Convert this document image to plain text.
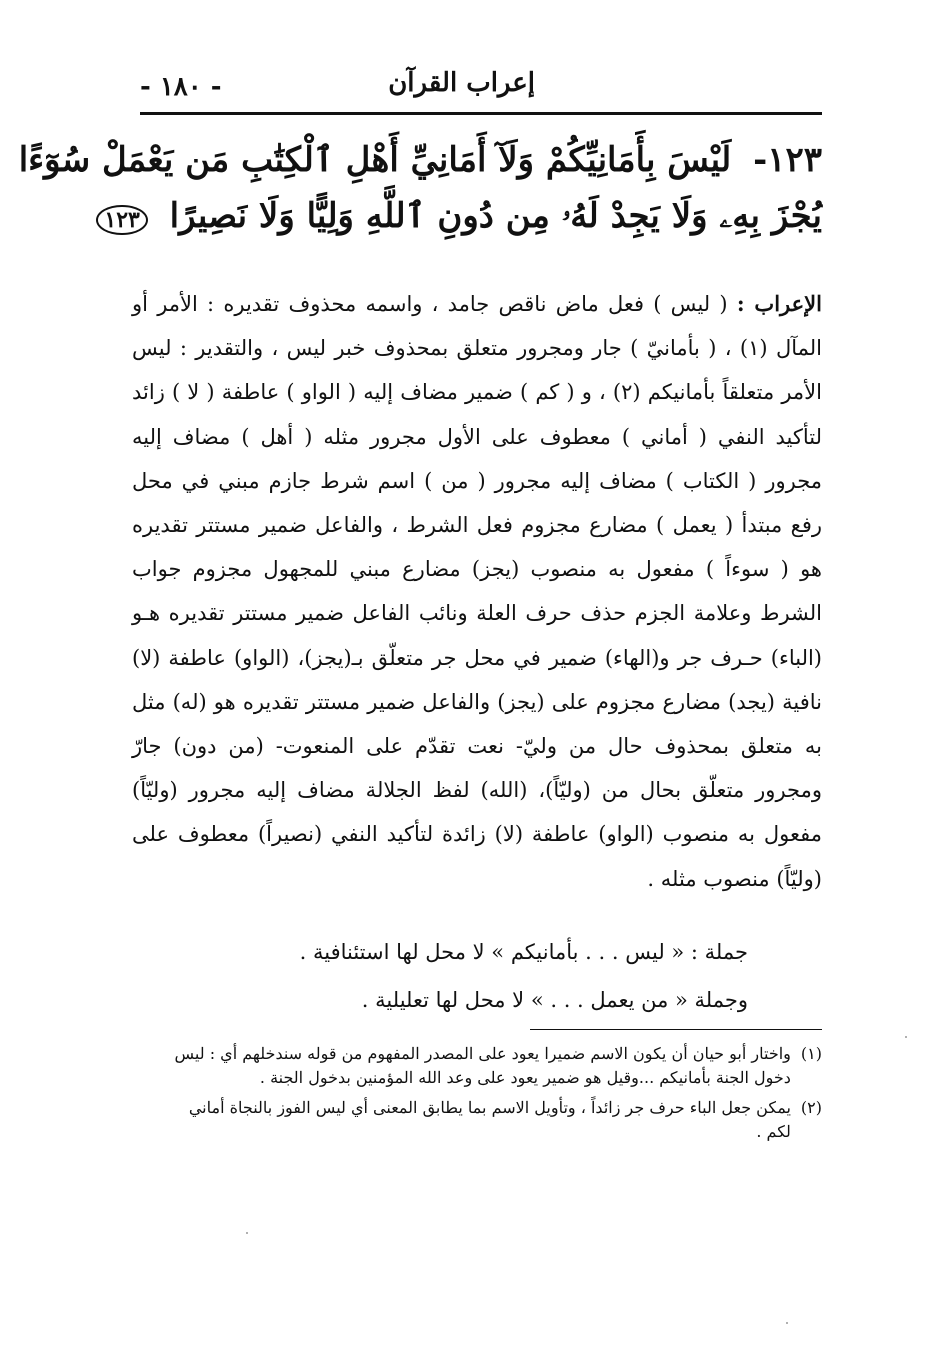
- ١٨٠ -	إعراب القرآن
١٢٣- لَيْسَ بِأَمَانِيِّكُمْ وَلَآ أَمَانِيِّ أَهْلِ ٱلْكِتَٰبِ مَن يَعْمَلْ سُوٓءًا
يُجْزَ بِهِۦ وَلَا يَجِدْ لَهُۥ مِن دُونِ ٱللَّهِ وَلِيًّا وَلَا نَصِيرًا ١٢٣

الإعراب : ( ليس ) فعل ماض ناقص جامد ، واسمه محذوف تقديره : الأمر أو المآل (١) ، ( بأمانيّ ) جار ومجرور متعلق بمحذوف خبر ليس ، والتقدير : ليس الأمر متعلقاً بأمانيكم (٢) ، و ( كم ) ضمير مضاف إليه ( الواو ) عاطفة ( لا ) زائد لتأكيد النفي ( أماني ) معطوف على الأول مجرور مثله ( أهل ) مضاف إليه مجرور ( الكتاب ) مضاف إليه مجرور ( من ) اسم شرط جازم مبني في محل رفع مبتدأ ( يعمل ) مضارع مجزوم فعل الشرط ، والفاعل ضمير مستتر تقديره هو ( سوءاً ) مفعول به منصوب (يجز) مضارع مبني للمجهول مجزوم جواب الشرط وعلامة الجزم حذف حرف العلة ونائب الفاعل ضمير مستتر تقديره هـو (الباء) حـرف جر و(الهاء) ضمير في محل جر متعلّق بـ(يجز)، (الواو) عاطفة (لا) نافية (يجد) مضارع مجزوم على (يجز) والفاعل ضمير مستتر تقديره هو (له) مثل به متعلق بمحذوف حال من وليّ- نعت تقدّم على المنعوت- (من دون) جارّ ومجرور متعلّق بحال من (وليّاً)، (الله) لفظ الجلالة مضاف إليه مجرور (وليّاً) مفعول به منصوب (الواو) عاطفة (لا) زائدة لتأكيد النفي (نصيراً) معطوف على (وليّاً) منصوب مثله .

جملة : « ليس . . . بأمانيكم » لا محل لها استئنافية .

وجملة « من يعمل . . . » لا محل لها تعليلية .

(١)
واختار أبو حيان أن يكون الاسم ضميرا يعود على المصدر المفهوم من قوله سندخلهم أي : ليس دخول الجنة بأمانيكم ...وقيل هو ضمير يعود على وعد الله المؤمنين بدخول الجنة .
(٢)
يمكن جعل الباء حرف جر زائداً ، وتأويل الاسم بما يطابق المعنى أي ليس الفوز بالنجاة أماني لكم .
